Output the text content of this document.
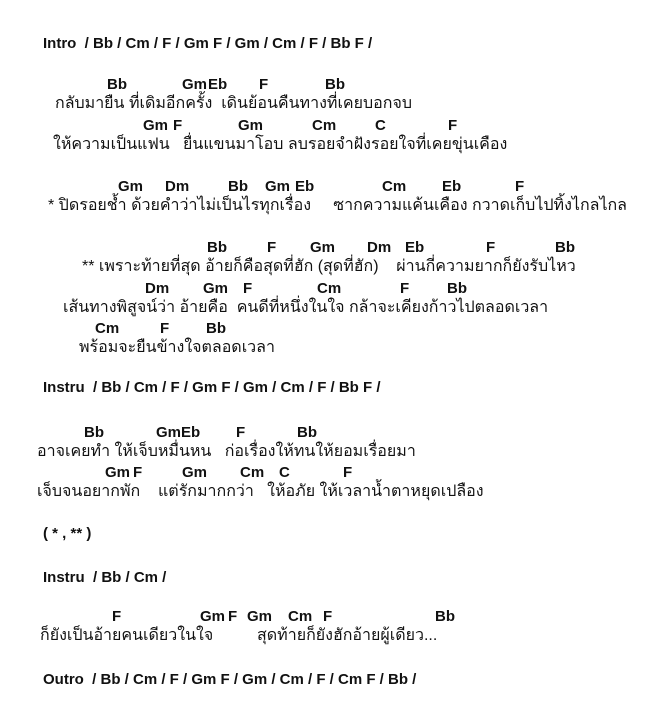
Intro  / Bb / Cm / F / Gm F / Gm / Cm / F / Bb F /
Bb	Gm Eb F	Bb
กลับมายืน ที่เดิมอีกครั้ง  เดินย้อนคืนทางที่เคยบอกจบ
Gm F	Gm	Cm	C	F
ให้ความเป็นแฟน   ยื่นแขนมาโอบ ลบรอยจำฝังรอยใจที่เคยขุ่นเคือง
Gm Dm	Bb Gm Eb	Cm Eb	F
* ปิดรอยช้ำ ด้วยคำว่าไม่เป็นไรทุกเรื่อง     ซากความแค้นเคือง กวาดเก็บไปทิ้งไกลไกล
Bb	F Gm Dm Eb	F	Bb
** เพราะท้ายที่สุด อ้ายก็คือสุดที่ฮัก (สุดที่ฮัก)    ผ่านกี่ความยากก็ยังรับไหว
Dm Gm F	Cm	F	Bb
เส้นทางพิสูจน์ว่า อ้ายคือ  คนดีที่หนึ่งในใจ กล้าจะเคียงก้าวไปตลอดเวลา
Cm	F Bb
พร้อมจะยืนข้างใจตลอดเวลา
Instru  / Bb / Cm / F / Gm F / Gm / Cm / F / Bb F /
Bb	Gm Eb F	Bb
อาจเคยทำ ให้เจ็บหมื่นหน   ก่อเรื่องให้ทนให้ยอมเรื่อยมา
Gm F	Gm Cm C	F
เจ็บจนอยากพัก    แต่รักมากกว่า   ให้อภัย ให้เวลาน้ำตาหยุดเปลือง
( * , ** )
Instru  / Bb / Cm /
F	Gm F Gm Cm F	Bb
ก็ยังเป็นอ้ายคนเดียวในใจ	สุดท้ายก็ยังฮักอ้ายผู้เดียว...
Outro  / Bb / Cm / F / Gm F / Gm / Cm / F / Cm F / Bb /
